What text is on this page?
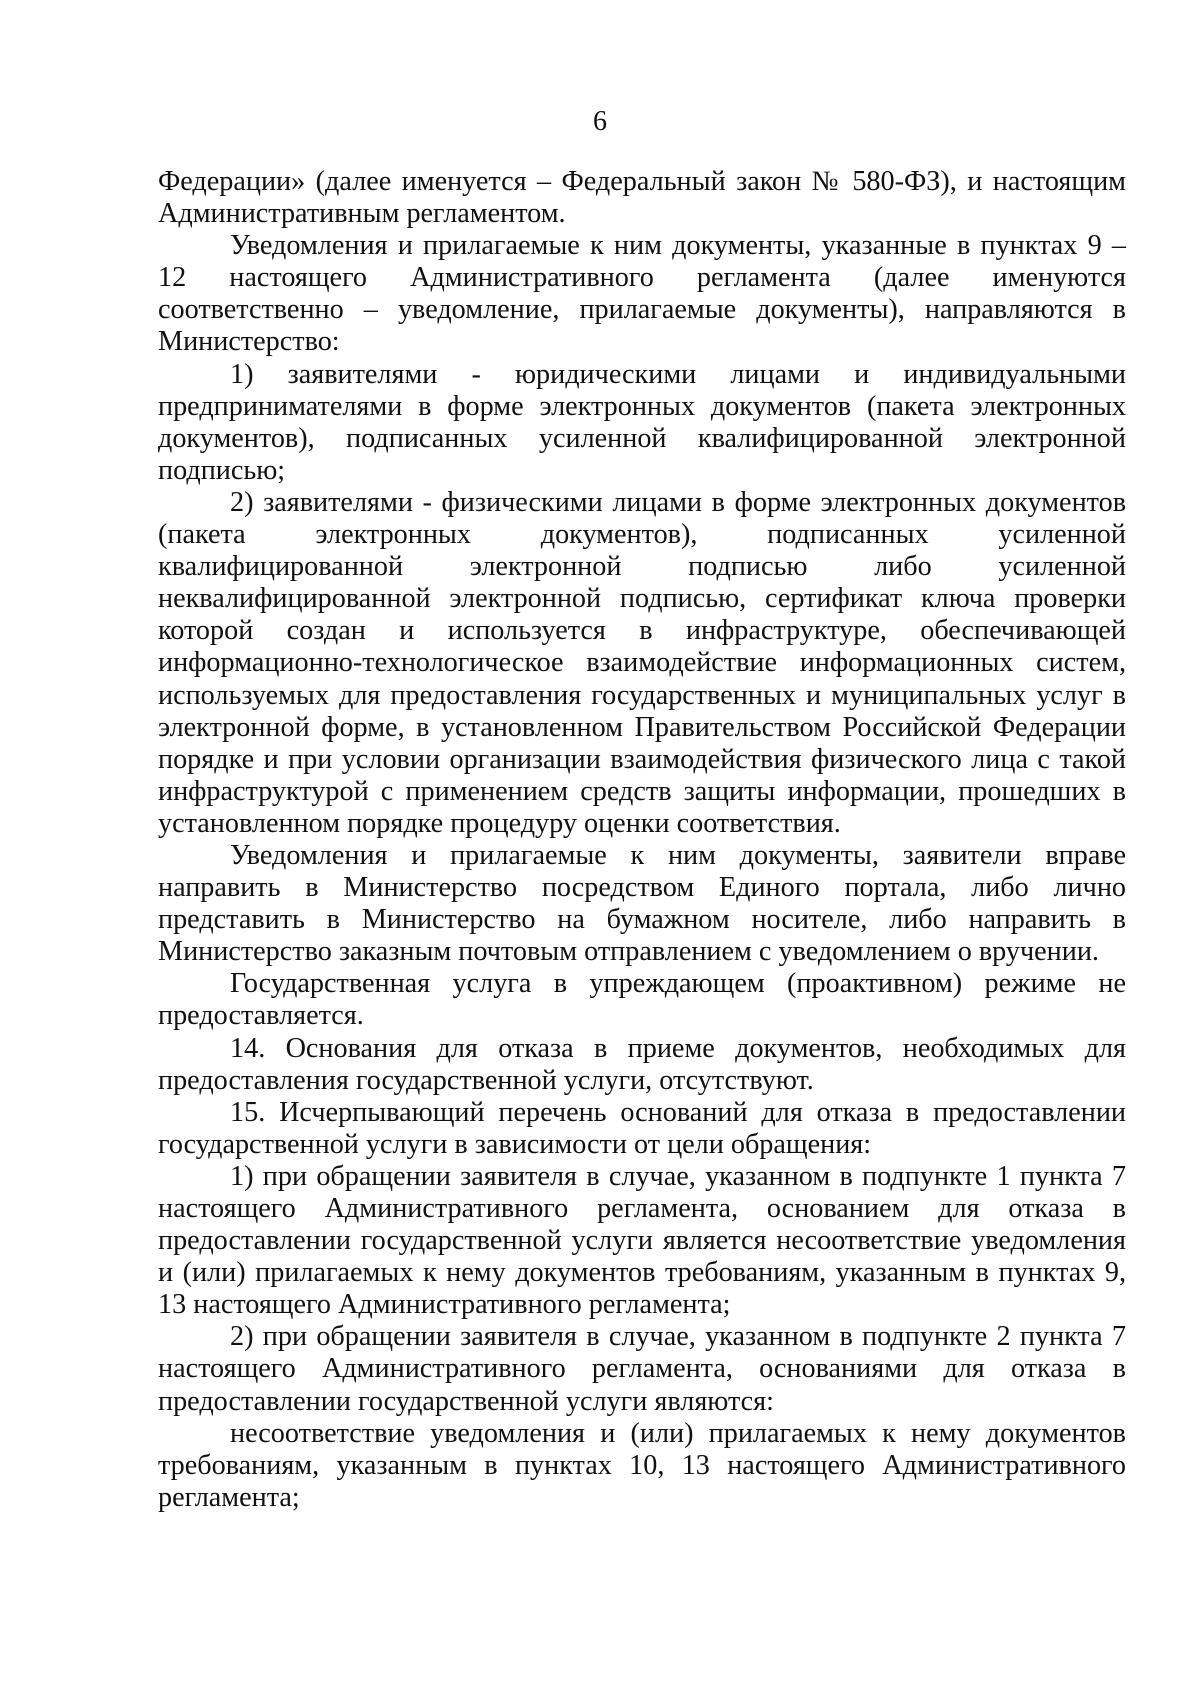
6

Федерации» (далее именуется – Федеральный закон № 580-ФЗ), и настоящим Административным регламентом.

Уведомления и прилагаемые к ним документы, указанные в пунктах 9 – 12 настоящего Административного регламента (далее именуются соответственно – уведомление, прилагаемые документы), направляются в Министерство:

1) заявителями - юридическими лицами и индивидуальными предпринимателями в форме электронных документов (пакета электронных документов), подписанных усиленной квалифицированной электронной подписью;

2) заявителями - физическими лицами в форме электронных документов (пакета электронных документов), подписанных усиленной квалифицированной электронной подписью либо усиленной неквалифицированной электронной подписью, сертификат ключа проверки которой создан и используется в инфраструктуре, обеспечивающей информационно-технологическое взаимодействие информационных систем, используемых для предоставления государственных и муниципальных услуг в электронной форме, в установленном Правительством Российской Федерации порядке и при условии организации взаимодействия физического лица с такой инфраструктурой с применением средств защиты информации, прошедших в установленном порядке процедуру оценки соответствия.

Уведомления и прилагаемые к ним документы, заявители вправе направить в Министерство посредством Единого портала, либо лично представить в Министерство на бумажном носителе, либо направить в Министерство заказным почтовым отправлением с уведомлением о вручении.

Государственная услуга в упреждающем (проактивном) режиме не предоставляется.

14. Основания для отказа в приеме документов, необходимых для предоставления государственной услуги, отсутствуют.

15. Исчерпывающий перечень оснований для отказа в предоставлении государственной услуги в зависимости от цели обращения:

1) при обращении заявителя в случае, указанном в подпункте 1 пункта 7 настоящего Административного регламента, основанием для отказа в предоставлении государственной услуги является несоответствие уведомления и (или) прилагаемых к нему документов требованиям, указанным в пунктах 9, 13 настоящего Административного регламента;

2) при обращении заявителя в случае, указанном в подпункте 2 пункта 7 настоящего Административного регламента, основаниями для отказа в предоставлении государственной услуги являются:

несоответствие уведомления и (или) прилагаемых к нему документов требованиям, указанным в пунктах 10, 13 настоящего Административного регламента;
